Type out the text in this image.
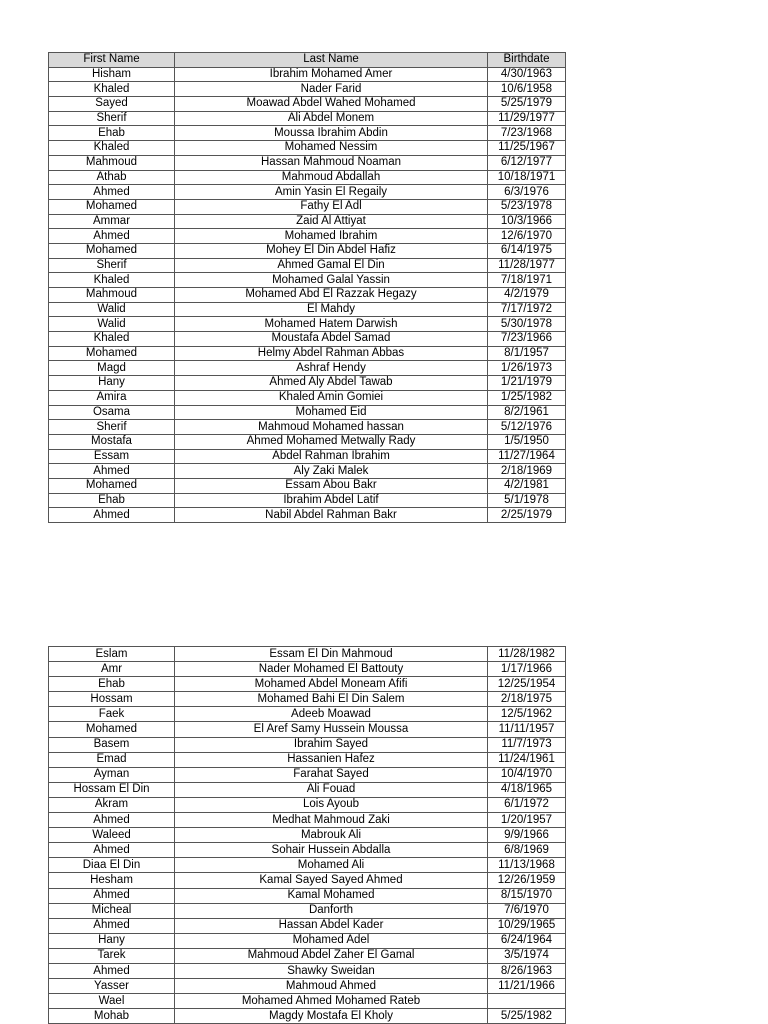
First Name	Last Name	Birthdate
Hisham	Ibrahim Mohamed Amer	4/30/1963
Khaled	Nader Farid	10/6/1958
Sayed	Moawad Abdel Wahed Mohamed	5/25/1979
Sherif	Ali Abdel Monem	11/29/1977
Ehab	Moussa Ibrahim Abdin	7/23/1968
Khaled	Mohamed Nessim	11/25/1967
Mahmoud	Hassan Mahmoud Noaman	6/12/1977
Athab	Mahmoud Abdallah	10/18/1971
Ahmed	Amin Yasin El Regaily	6/3/1976
Mohamed	Fathy El Adl	5/23/1978
Ammar	Zaid Al Attiyat	10/3/1966
Ahmed	Mohamed Ibrahim	12/6/1970
Mohamed	Mohey El Din Abdel Hafiz	6/14/1975
Sherif	Ahmed Gamal El Din	11/28/1977
Khaled	Mohamed Galal Yassin	7/18/1971
Mahmoud	Mohamed Abd El Razzak Hegazy	4/2/1979
Walid	El Mahdy	7/17/1972
Walid	Mohamed Hatem Darwish	5/30/1978
Khaled	Moustafa Abdel Samad	7/23/1966
Mohamed	Helmy Abdel Rahman Abbas	8/1/1957
Magd	Ashraf Hendy	1/26/1973
Hany	Ahmed Aly Abdel Tawab	1/21/1979
Amira	Khaled Amin Gomiei	1/25/1982
Osama	Mohamed Eid	8/2/1961
Sherif	Mahmoud Mohamed hassan	5/12/1976
Mostafa	Ahmed Mohamed Metwally Rady	1/5/1950
Essam	Abdel Rahman Ibrahim	11/27/1964
Ahmed	Aly Zaki Malek	2/18/1969
Mohamed	Essam Abou Bakr	4/2/1981
Ehab	Ibrahim Abdel Latif	5/1/1978
Ahmed	Nabil Abdel Rahman Bakr	2/25/1979
Eslam	Essam El Din Mahmoud	11/28/1982
Amr	Nader Mohamed El Battouty	1/17/1966
Ehab	Mohamed Abdel Moneam Afifi	12/25/1954
Hossam	Mohamed Bahi El Din Salem	2/18/1975
Faek	Adeeb Moawad	12/5/1962
Mohamed	El Aref Samy Hussein Moussa	11/11/1957
Basem	Ibrahim Sayed	11/7/1973
Emad	Hassanien Hafez	11/24/1961
Ayman	Farahat Sayed	10/4/1970
Hossam El Din	Ali Fouad	4/18/1965
Akram	Lois Ayoub	6/1/1972
Ahmed	Medhat Mahmoud Zaki	1/20/1957
Waleed	Mabrouk Ali	9/9/1966
Ahmed	Sohair Hussein Abdalla	6/8/1969
Diaa El Din	Mohamed Ali	11/13/1968
Hesham	Kamal Sayed Sayed Ahmed	12/26/1959
Ahmed	Kamal Mohamed	8/15/1970
Micheal	Danforth	7/6/1970
Ahmed	Hassan Abdel Kader	10/29/1965
Hany	Mohamed Adel	6/24/1964
Tarek	Mahmoud Abdel Zaher El Gamal	3/5/1974
Ahmed	Shawky Sweidan	8/26/1963
Yasser	Mahmoud Ahmed	11/21/1966
Wael	Mohamed Ahmed Mohamed Rateb	
Mohab	Magdy Mostafa El Kholy	5/25/1982
